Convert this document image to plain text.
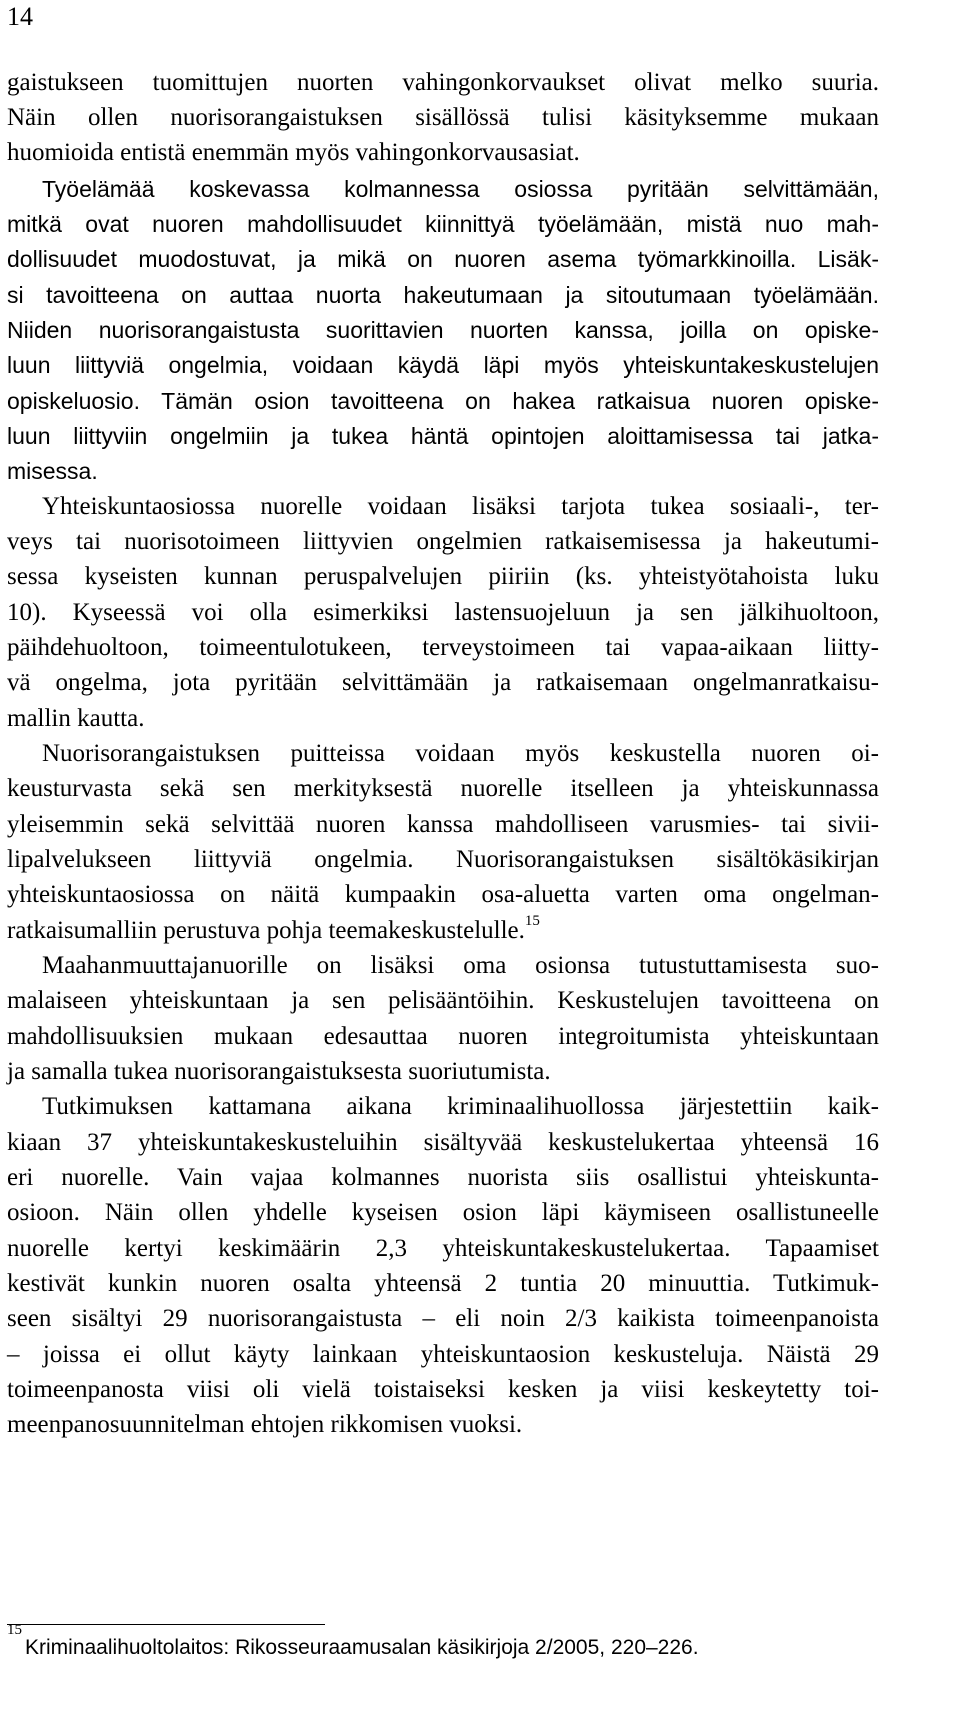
14
gaistukseen tuomittujen nuorten vahingonkorvaukset olivat melko suuria.
Näin ollen nuorisorangaistuksen sisällössä tulisi käsityksemme mukaan
huomioida entistä enemmän myös vahingonkorvausasiat.
Työelämää koskevassa kolmannessa osiossa pyritään selvittämään,
mitkä ovat nuoren mahdollisuudet kiinnittyä työelämään, mistä nuo mah-
dollisuudet muodostuvat, ja mikä on nuoren asema työmarkkinoilla. Lisäk-
si tavoitteena on auttaa nuorta hakeutumaan ja sitoutumaan työelämään.
Niiden nuorisorangaistusta suorittavien nuorten kanssa, joilla on opiske-
luun liittyviä ongelmia, voidaan käydä läpi myös yhteiskuntakeskustelujen
opiskeluosio. Tämän osion tavoitteena on hakea ratkaisua nuoren opiske-
luun liittyviin ongelmiin ja tukea häntä opintojen aloittamisessa tai jatka-
misessa.
Yhteiskuntaosiossa nuorelle voidaan lisäksi tarjota tukea sosiaali-, ter-
veys tai nuorisotoimeen liittyvien ongelmien ratkaisemisessa ja hakeutumi-
sessa kyseisten kunnan peruspalvelujen piiriin (ks. yhteistyötahoista luku
10). Kyseessä voi olla esimerkiksi lastensuojeluun ja sen jälkihuoltoon,
päihdehuoltoon, toimeentulotukeen, terveystoimeen tai vapaa-aikaan liitty-
vä ongelma, jota pyritään selvittämään ja ratkaisemaan ongelmanratkaisu-
mallin kautta.
Nuorisorangaistuksen puitteissa voidaan myös keskustella nuoren oi-
keusturvasta sekä sen merkityksestä nuorelle itselleen ja yhteiskunnassa
yleisemmin sekä selvittää nuoren kanssa mahdolliseen varusmies- tai sivii-
lipalvelukseen liittyviä ongelmia. Nuorisorangaistuksen sisältökäsikirjan
yhteiskuntaosiossa on näitä kumpaakin osa-aluetta varten oma ongelman-
ratkaisumalliin perustuva pohja teemakeskustelulle.$^{15}$
Maahanmuuttajanuorille on lisäksi oma osionsa tutustuttamisesta suo-
malaiseen yhteiskuntaan ja sen pelisääntöihin. Keskustelujen tavoitteena on
mahdollisuuksien mukaan edesauttaa nuoren integroitumista yhteiskuntaan
ja samalla tukea nuorisorangaistuksesta suoriutumista.
Tutkimuksen kattamana aikana kriminaalihuollossa järjestettiin kaik-
kiaan 37 yhteiskuntakeskusteluihin sisältyvää keskustelukertaa yhteensä 16
eri nuorelle. Vain vajaa kolmannes nuorista siis osallistui yhteiskunta-
osioon. Näin ollen yhdelle kyseisen osion läpi käymiseen osallistuneelle
nuorelle kertyi keskimäärin 2,3 yhteiskuntakeskustelukertaa. Tapaamiset
kestivät kunkin nuoren osalta yhteensä 2 tuntia 20 minuuttia. Tutkimuk-
seen sisältyi 29 nuorisorangaistusta – eli noin 2/3 kaikista toimeenpanoista
– joissa ei ollut käyty lainkaan yhteiskuntaosion keskusteluja. Näistä 29
toimeenpanosta viisi oli vielä toistaiseksi kesken ja viisi keskeytetty toi-
meenpanosuunnitelman ehtojen rikkomisen vuoksi.
$^{15}$Kriminaalihuoltolaitos: Rikosseuraamusalan käsikirjoja 2/2005, 220–226.
